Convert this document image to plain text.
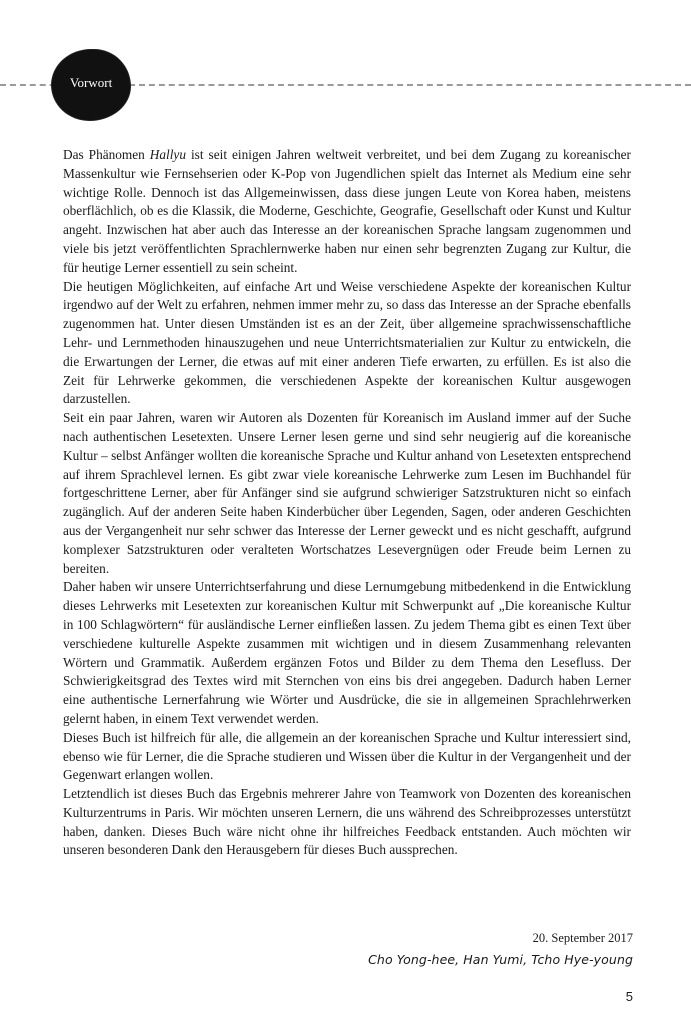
Vorwort

Das Phänomen Hallyu ist seit einigen Jahren weltweit verbreitet, und bei dem Zugang zu koreanischer Massenkultur wie Fernsehserien oder K-Pop von Jugendlichen spielt das Internet als Medium eine sehr wichtige Rolle. Dennoch ist das Allgemeinwissen, dass diese jungen Leute von Korea haben, meistens oberflächlich, ob es die Klassik, die Moderne, Geschichte, Geografie, Gesellschaft oder Kunst und Kultur angeht. Inzwischen hat aber auch das Interesse an der koreanischen Sprache langsam zugenommen und viele bis jetzt veröffentlichten Sprachlernwerke haben nur einen sehr begrenzten Zugang zur Kultur, die für heutige Lerner essentiell zu sein scheint.

Die heutigen Möglichkeiten, auf einfache Art und Weise verschiedene Aspekte der koreanischen Kultur irgendwo auf der Welt zu erfahren, nehmen immer mehr zu, so dass das Interesse an der Sprache ebenfalls zugenommen hat. Unter diesen Umständen ist es an der Zeit, über allgemeine sprachwissenschaftliche Lehr- und Lernmethoden hinauszugehen und neue Unterrichtsmaterialien zur Kultur zu entwickeln, die die Erwartungen der Lerner, die etwas auf mit einer anderen Tiefe erwarten, zu erfüllen. Es ist also die Zeit für Lehrwerke gekommen, die verschiedenen Aspekte der koreanischen Kultur ausgewogen darzustellen.

Seit ein paar Jahren, waren wir Autoren als Dozenten für Koreanisch im Ausland immer auf der Suche nach authentischen Lesetexten. Unsere Lerner lesen gerne und sind sehr neugierig auf die koreanische Kultur – selbst Anfänger wollten die koreanische Sprache und Kultur anhand von Lesetexten entsprechend auf ihrem Sprachlevel lernen. Es gibt zwar viele koreanische Lehrwerke zum Lesen im Buchhandel für fortgeschrittene Lerner, aber für Anfänger sind sie aufgrund schwieriger Satzstrukturen nicht so einfach zugänglich. Auf der anderen Seite haben Kinderbücher über Legenden, Sagen, oder anderen Geschichten aus der Vergangenheit nur sehr schwer das Interesse der Lerner geweckt und es nicht geschafft, aufgrund komplexer Satzstrukturen oder veralteten Wortschatzes Lesevergnügen oder Freude beim Lernen zu bereiten.

Daher haben wir unsere Unterrichtserfahrung und diese Lernumgebung mitbedenkend in die Entwicklung dieses Lehrwerks mit Lesetexten zur koreanischen Kultur mit Schwerpunkt auf „Die koreanische Kultur in 100 Schlagwörtern“ für ausländische Lerner einfließen lassen. Zu jedem Thema gibt es einen Text über verschiedene kulturelle Aspekte zusammen mit wichtigen und in diesem Zusammenhang relevanten Wörtern und Grammatik. Außerdem ergänzen Fotos und Bilder zu dem Thema den Lesefluss. Der Schwierigkeitsgrad des Textes wird mit Sternchen von eins bis drei angegeben. Dadurch haben Lerner eine authentische Lernerfahrung wie Wörter und Ausdrücke, die sie in allgemeinen Sprachlehrwerken gelernt haben, in einem Text verwendet werden.

Dieses Buch ist hilfreich für alle, die allgemein an der koreanischen Sprache und Kultur interessiert sind, ebenso wie für Lerner, die die Sprache studieren und Wissen über die Kultur in der Vergangenheit und der Gegenwart erlangen wollen.

Letztendlich ist dieses Buch das Ergebnis mehrerer Jahre von Teamwork von Dozenten des koreanischen Kulturzentrums in Paris. Wir möchten unseren Lernern, die uns während des Schreibprozesses unterstützt haben, danken. Dieses Buch wäre nicht ohne ihr hilfreiches Feedback entstanden. Auch möchten wir unseren besonderen Dank den Herausgebern für dieses Buch aussprechen.

20. September 2017
Cho Yong-hee, Han Yumi, Tcho Hye-young
5
